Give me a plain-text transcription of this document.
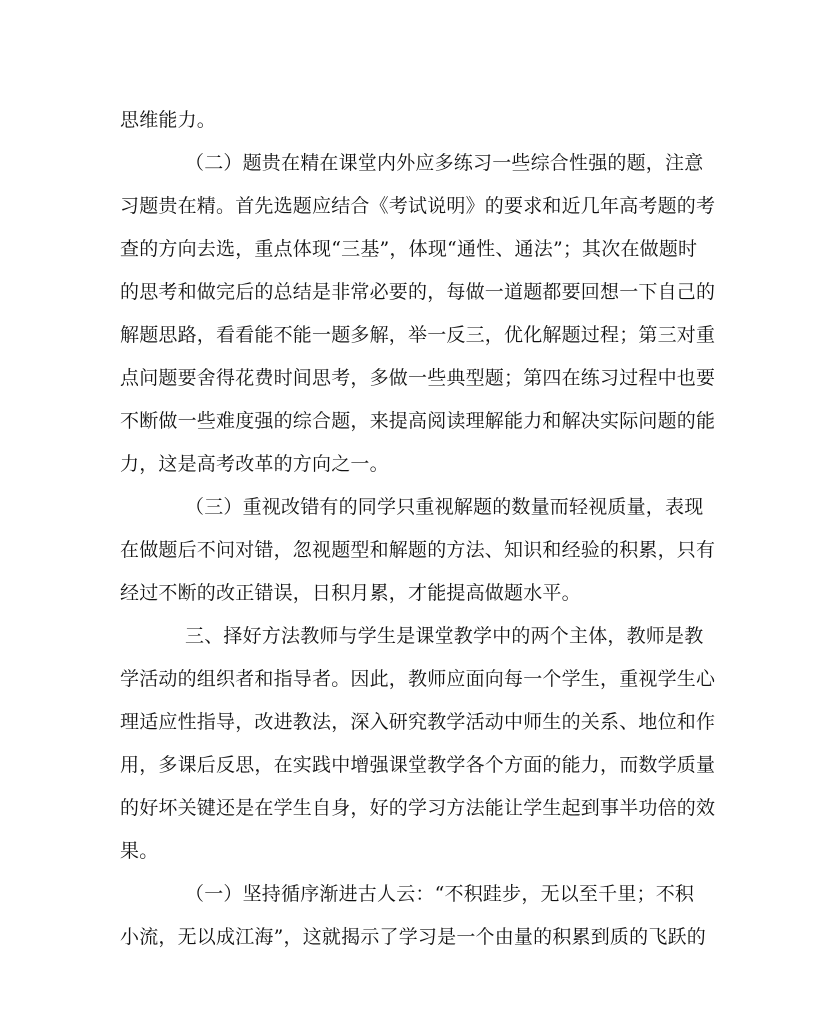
思维能力。
（二）题贵在精在课堂内外应多练习一些综合性强的题，注意
习题贵在精。首先选题应结合《考试说明》的要求和近几年高考题的考
查的方向去选，重点体现“三基”，体现“通性、通法”；其次在做题时
的思考和做完后的总结是非常必要的，每做一道题都要回想一下自己的
解题思路，看看能不能一题多解，举一反三，优化解题过程；第三对重
点问题要舍得花费时间思考，多做一些典型题；第四在练习过程中也要
不断做一些难度强的综合题，来提高阅读理解能力和解决实际问题的能
力，这是高考改革的方向之一。
（三）重视改错有的同学只重视解题的数量而轻视质量，表现
在做题后不问对错，忽视题型和解题的方法、知识和经验的积累，只有
经过不断的改正错误，日积月累，才能提高做题水平。
三、择好方法教师与学生是课堂教学中的两个主体，教师是教
学活动的组织者和指导者。因此，教师应面向每一个学生，重视学生心
理适应性指导，改进教法，深入研究教学活动中师生的关系、地位和作
用，多课后反思，在实践中增强课堂教学各个方面的能力，而数学质量
的好坏关键还是在学生自身，好的学习方法能让学生起到事半功倍的效
果。
（一）坚持循序渐进古人云：“不积跬步，无以至千里；不积
小流，无以成江海”，这就揭示了学习是一个由量的积累到质的飞跃的
